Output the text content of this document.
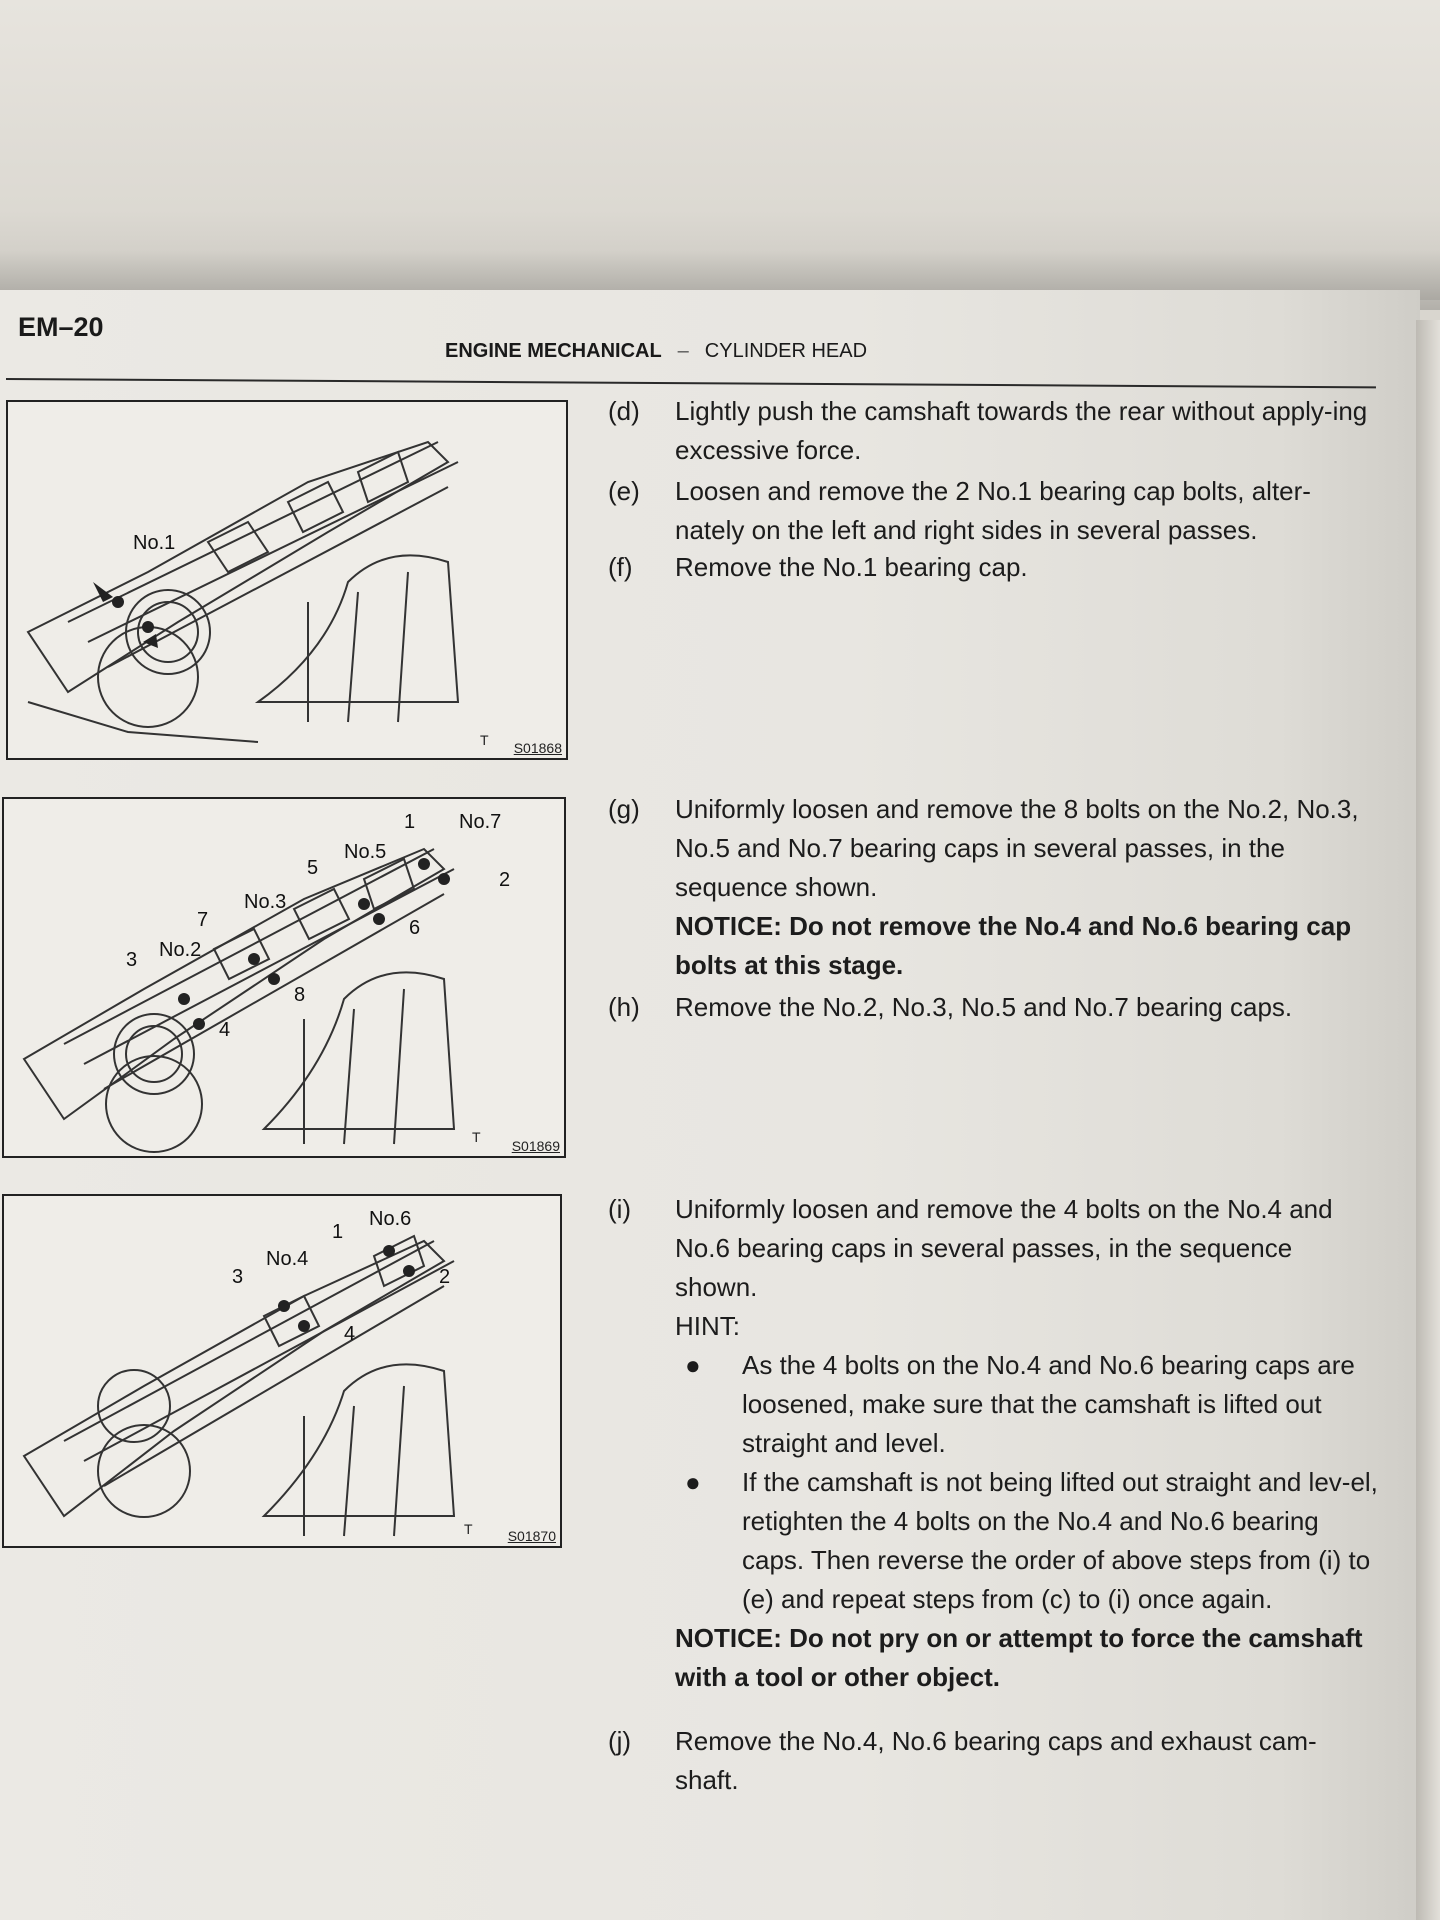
EM–20
ENGINE MECHANICAL – CYLINDER HEAD
No.1
T S01868
No.7
No.5
No.3
No.2
1
2
3
4
5
6
7
8
T
S01869
No.6
No.4
1
2
3
4
T	S01870
(d)	Lightly push the camshaft towards the rear without apply-ing excessive force.
(e)	Loosen and remove the 2 No.1 bearing cap bolts, alter-nately on the left and right sides in several passes.
(f)	Remove the No.1 bearing cap.
(g)	Uniformly loosen and remove the 8 bolts on the No.2, No.3, No.5 and No.7 bearing caps in several passes, in the sequence shown.
NOTICE: Do not remove the No.4 and No.6 bearing cap bolts at this stage.
(h)	Remove the No.2, No.3, No.5 and No.7 bearing caps.
(i)	Uniformly loosen and remove the 4 bolts on the No.4 and No.6 bearing caps in several passes, in the sequence shown.
HINT:
● As the 4 bolts on the No.4 and No.6 bearing caps are loosened, make sure that the camshaft is lifted out straight and level.
● If the camshaft is not being lifted out straight and lev-el, retighten the 4 bolts on the No.4 and No.6 bearing caps. Then reverse the order of above steps from (i) to (e) and repeat steps from (c) to (i) once again.
NOTICE: Do not pry on or attempt to force the camshaft with a tool or other object.
(j)	Remove the No.4, No.6 bearing caps and exhaust cam-shaft.
